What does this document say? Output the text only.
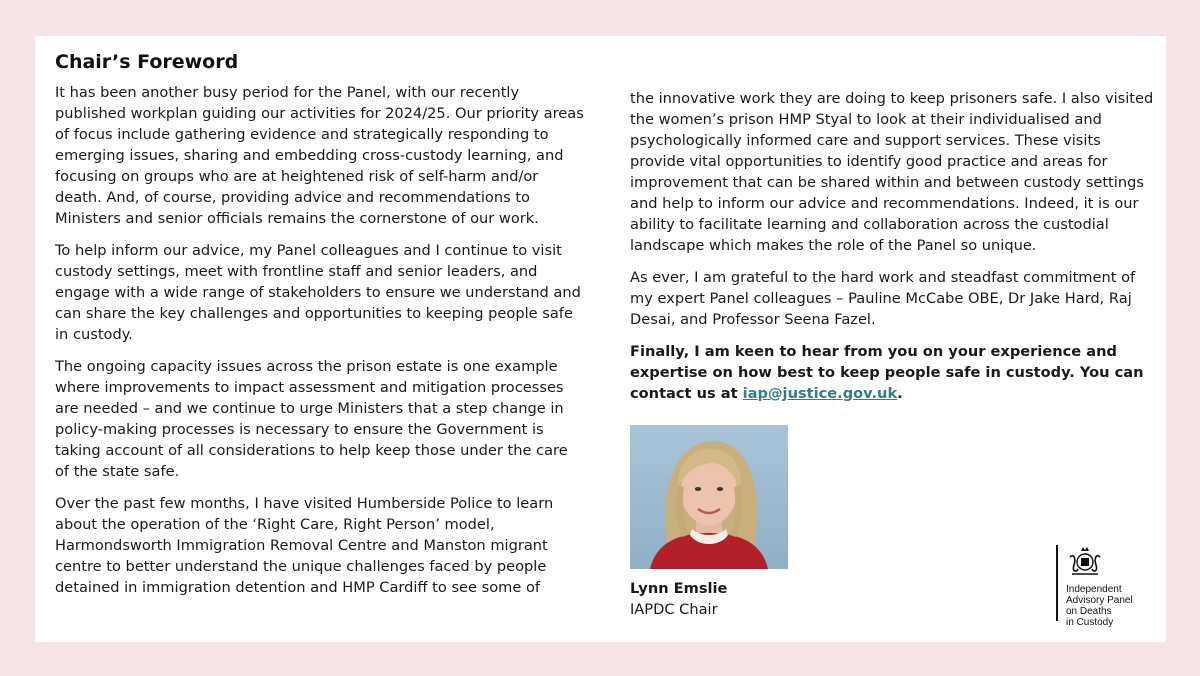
Chair’s Foreword

It has been another busy period for the Panel, with our recently published workplan guiding our activities for 2024/25. Our priority areas of focus include gathering evidence and strategically responding to emerging issues, sharing and embedding cross-custody learning, and focusing on groups who are at heightened risk of self-harm and/or death. And, of course, providing advice and recommendations to Ministers and senior officials remains the cornerstone of our work.

To help inform our advice, my Panel colleagues and I continue to visit custody settings, meet with frontline staff and senior leaders, and engage with a wide range of stakeholders to ensure we understand and can share the key challenges and opportunities to keeping people safe in custody.

The ongoing capacity issues across the prison estate is one example where improvements to impact assessment and mitigation processes are needed – and we continue to urge Ministers that a step change in policy-making processes is necessary to ensure the Government is taking account of all considerations to help keep those under the care of the state safe.

Over the past few months, I have visited Humberside Police to learn about the operation of the ‘Right Care, Right Person’ model, Harmondsworth Immigration Removal Centre and Manston migrant centre to better understand the unique challenges faced by people detained in immigration detention and HMP Cardiff to see some of

the innovative work they are doing to keep prisoners safe. I also visited the women’s prison HMP Styal to look at their individualised and psychologically informed care and support services. These visits provide vital opportunities to identify good practice and areas for improvement that can be shared within and between custody settings and help to inform our advice and recommendations. Indeed, it is our ability to facilitate learning and collaboration across the custodial landscape which makes the role of the Panel so unique.

As ever, I am grateful to the hard work and steadfast commitment of my expert Panel colleagues – Pauline McCabe OBE, Dr Jake Hard, Raj Desai, and Professor Seena Fazel.

Finally, I am keen to hear from you on your experience and expertise on how best to keep people safe in custody. You can contact us at iap@justice.gov.uk.

Lynn Emslie
IAPDC Chair
Independent
Advisory Panel
on Deaths
in Custody
